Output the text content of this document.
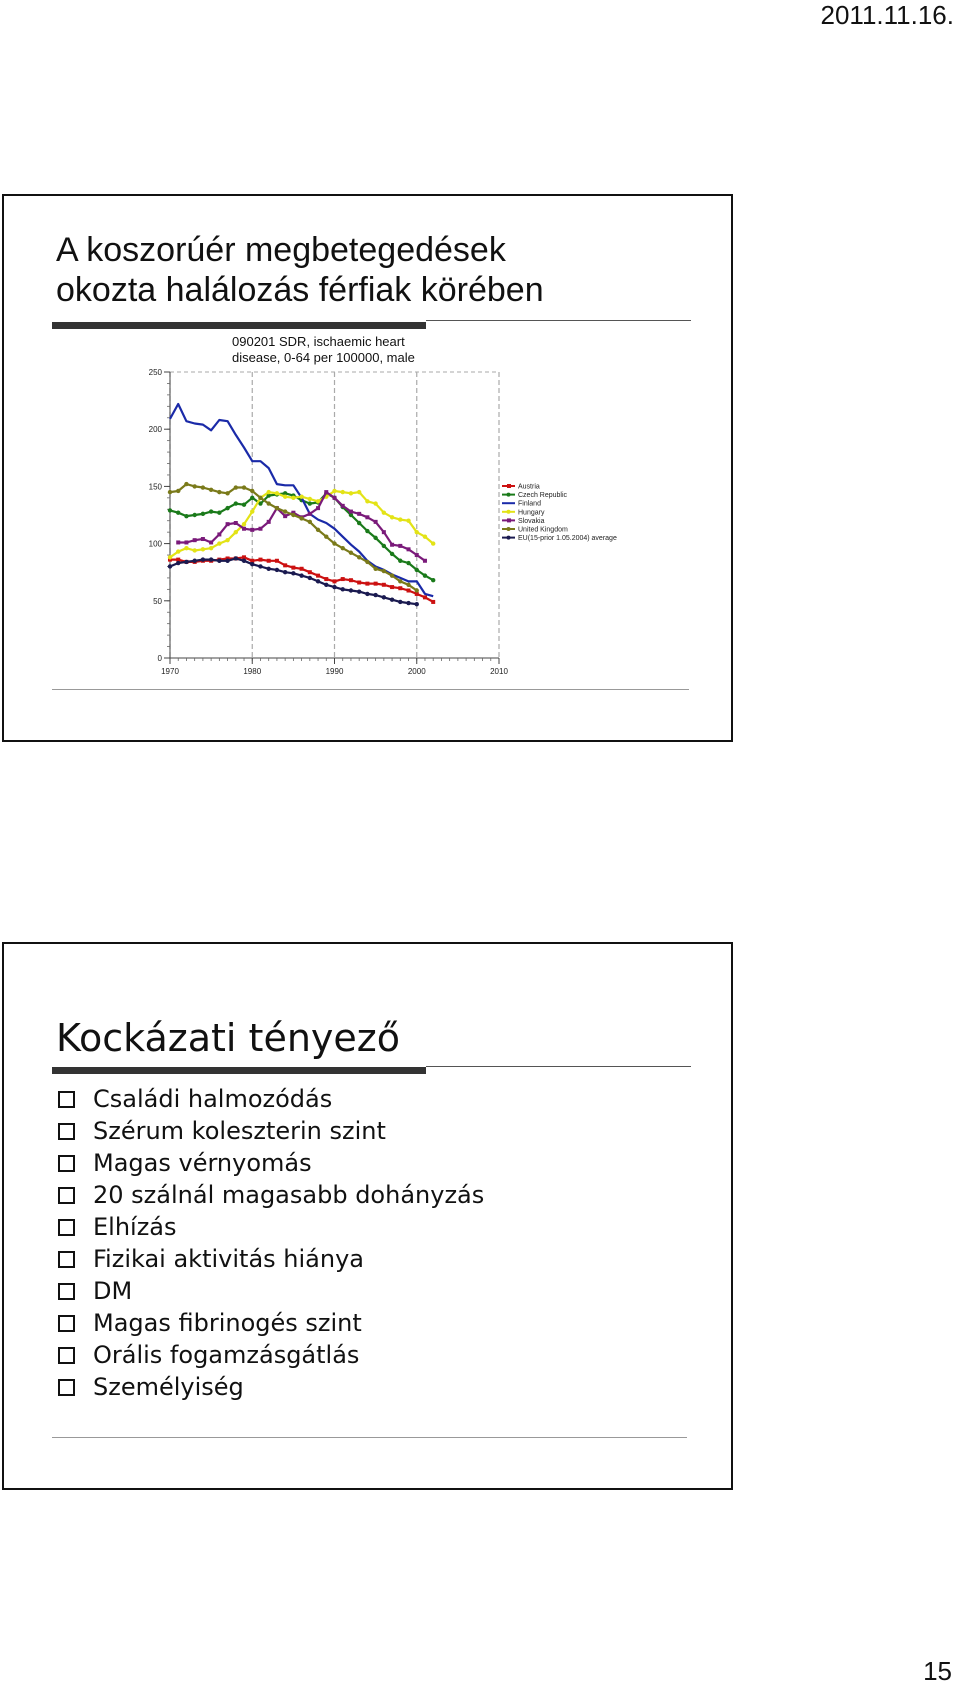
2011.11.16.
A koszorúér megbetegedések
okozta halálozás férfiak körében
090201 SDR, ischaemic heart
disease, 0-64 per 100000, male
0
50
100
150
200
250
1970	1980	1990	2000	2010
Austria
Czech Republic
Finland
Hungary
Slovakia
United Kingdom
EU(15-prior 1.05.2004) average
Kockázati tényező
Családi halmozódás
Szérum koleszterin szint
Magas vérnyomás
20 szálnál magasabb dohányzás
Elhízás
Fizikai aktivitás hiánya
DM
Magas fibrinogés szint
Orális fogamzásgátlás
Személyiség
15
